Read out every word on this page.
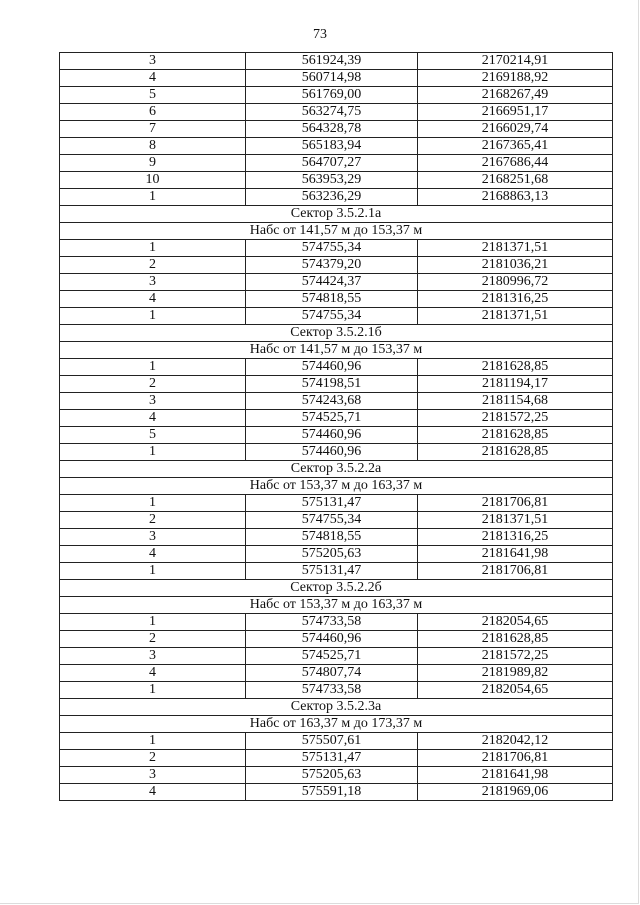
73
3	561924,39	2170214,91
4	560714,98	2169188,92
5	561769,00	2168267,49
6	563274,75	2166951,17
7	564328,78	2166029,74
8	565183,94	2167365,41
9	564707,27	2167686,44
10	563953,29	2168251,68
1	563236,29	2168863,13
Сектор 3.5.2.1а		
Набс от 141,57 м до 153,37 м		
1	574755,34	2181371,51
2	574379,20	2181036,21
3	574424,37	2180996,72
4	574818,55	2181316,25
1	574755,34	2181371,51
Сектор 3.5.2.1б		
Набс от 141,57 м до 153,37 м		
1	574460,96	2181628,85
2	574198,51	2181194,17
3	574243,68	2181154,68
4	574525,71	2181572,25
5	574460,96	2181628,85
1	574460,96	2181628,85
Сектор 3.5.2.2а		
Набс от 153,37 м до 163,37 м		
1	575131,47	2181706,81
2	574755,34	2181371,51
3	574818,55	2181316,25
4	575205,63	2181641,98
1	575131,47	2181706,81
Сектор 3.5.2.2б		
Набс от 153,37 м до 163,37 м		
1	574733,58	2182054,65
2	574460,96	2181628,85
3	574525,71	2181572,25
4	574807,74	2181989,82
1	574733,58	2182054,65
Сектор 3.5.2.3а		
Набс от 163,37 м до 173,37 м		
1	575507,61	2182042,12
2	575131,47	2181706,81
3	575205,63	2181641,98
4	575591,18	2181969,06
